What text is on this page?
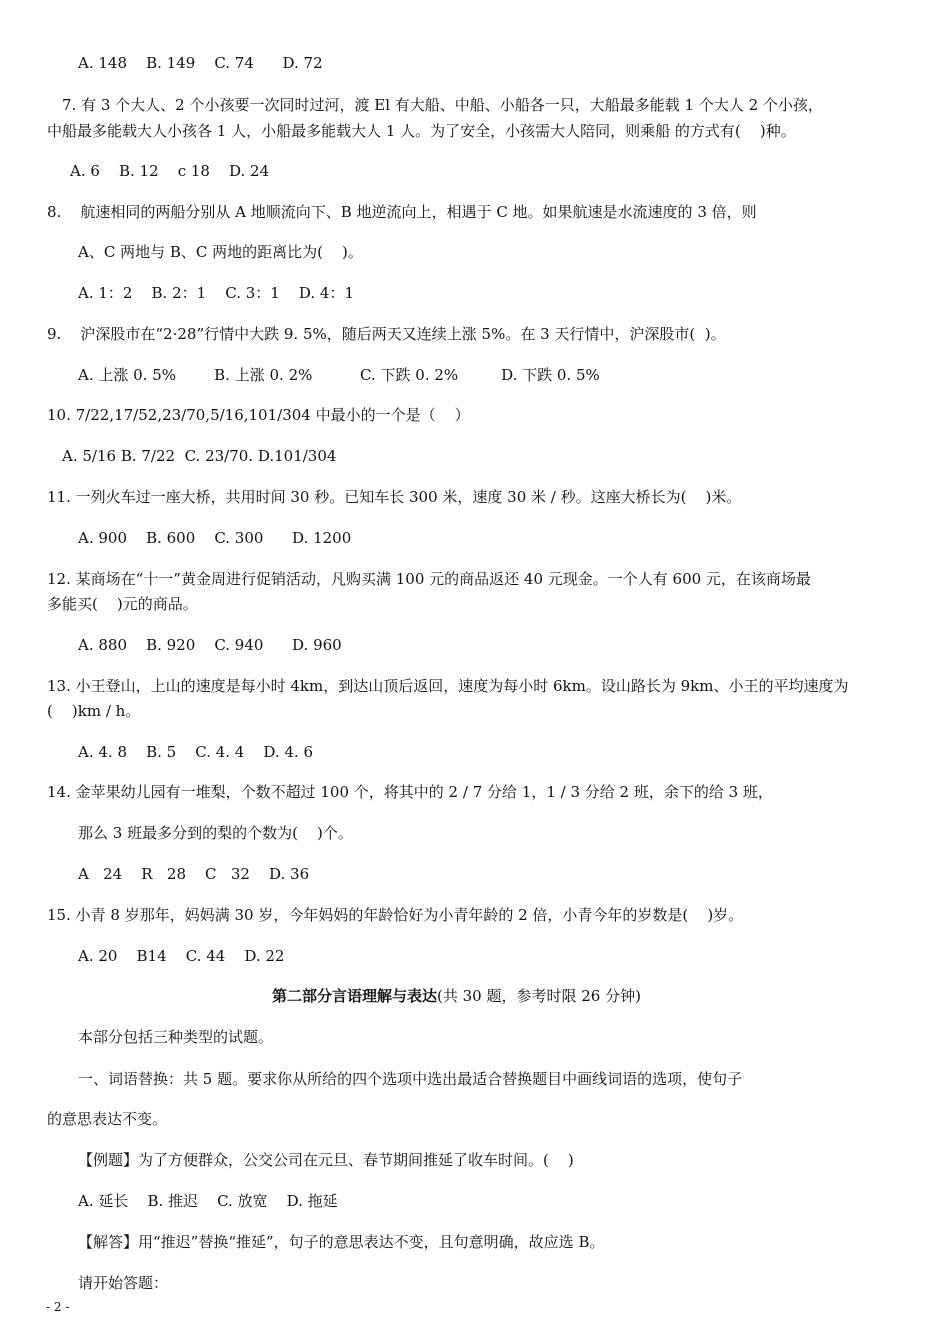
A. 148    B. 149    C. 74      D. 72
7. 有 3 个大人、2 个小孩要一次同时过河，渡 El 有大船、中船、小船各一只，大船最多能载 1 个大人 2 个小孩，
中船最多能载大人小孩各 1 人，小船最多能载大人 1 人。为了安全，小孩需大人陪同，则乘船 的方式有(    )种。
A. 6    B. 12    c 18    D. 24
8.    航速相同的两船分别从 A 地顺流向下、B 地逆流向上，相遇于 C 地。如果航速是水流速度的 3 倍，则
A、C 两地与 B、C 两地的距离比为(    )。
A. 1：2    B. 2：1    C. 3：1    D. 4：1
9.    沪深股市在“2·28”行情中大跌 9. 5%，随后两天又连续上涨 5%。在 3 天行情中，沪深股市(  )。
A. 上涨 0. 5%        B. 上涨 0. 2%          C. 下跌 0. 2%         D. 下跌 0. 5%
10. 7/22,17/52,23/70,5/16,101/304 中最小的一个是（    ）
A. 5/16 B. 7/22  C. 23/70. D.101/304
11. 一列火车过一座大桥，共用时间 30 秒。已知车长 300 米，速度 30 米 / 秒。这座大桥长为(    )米。
A. 900    B. 600    C. 300      D. 1200
12. 某商场在“十一”黄金周进行促销活动，凡购买满 100 元的商品返还 40 元现金。一个人有 600 元，在该商场最
多能买(    )元的商品。
A. 880    B. 920    C. 940      D. 960
13. 小王登山，上山的速度是每小时 4km，到达山顶后返回，速度为每小时 6km。设山路长为 9km、小王的平均速度为
(    )km / h。
A. 4. 8    B. 5    C. 4. 4    D. 4. 6
14. 金苹果幼儿园有一堆梨，个数不超过 100 个，将其中的 2 / 7 分给 1，1 / 3 分给 2 班，余下的给 3 班，
那么 3 班最多分到的梨的个数为(    )个。
A   24    R   28    C   32    D. 36
15. 小青 8 岁那年，妈妈满 30 岁，今年妈妈的年龄恰好为小青年龄的 2 倍，小青今年的岁数是(    )岁。
A. 20    B14    C. 44    D. 22
第二部分言语理解与表达(共 30 题，参考时限 26 分钟)
本部分包括三种类型的试题。
一、词语替换：共 5 题。要求你从所给的四个选项中选出最适合替换题目中画线词语的选项，使句子
的意思表达不变。
【例题】为了方便群众，公交公司在元旦、春节期间推延了收车时间。(    )
A. 延长    B. 推迟    C. 放宽    D. 拖延
【解答】用“推迟”替换“推延”，句子的意思表达不变，且句意明确，故应选 B。
请开始答题：
- 2 -
